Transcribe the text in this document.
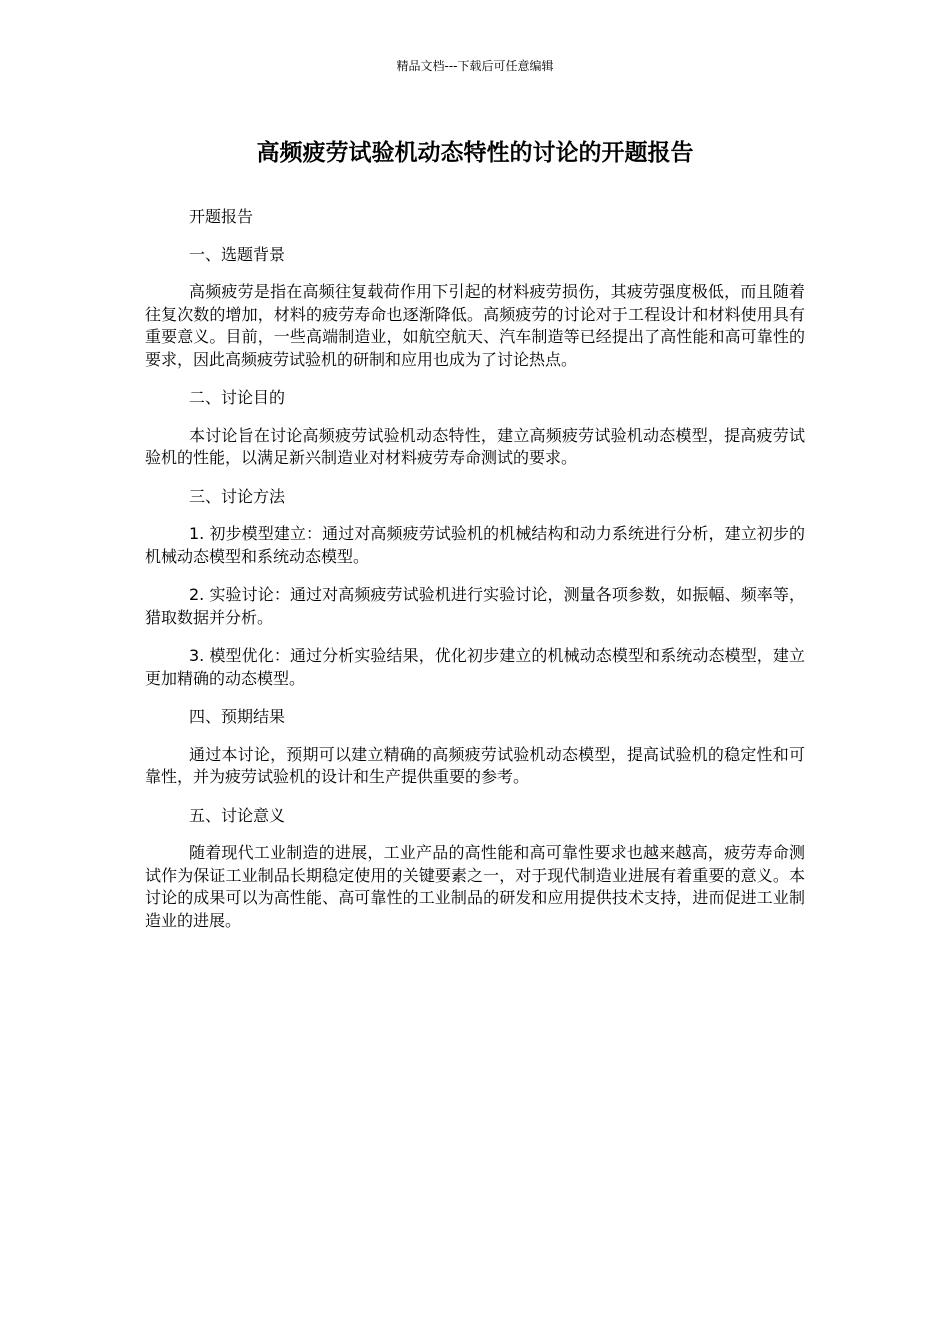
精品文档---下载后可任意编辑
高频疲劳试验机动态特性的讨论的开题报告

开题报告

一、选题背景

高频疲劳是指在高频往复载荷作用下引起的材料疲劳损伤，其疲劳强度极低，而且随着往复次数的增加，材料的疲劳寿命也逐渐降低。高频疲劳的讨论对于工程设计和材料使用具有重要意义。目前，一些高端制造业，如航空航天、汽车制造等已经提出了高性能和高可靠性的要求，因此高频疲劳试验机的研制和应用也成为了讨论热点。

二、讨论目的

本讨论旨在讨论高频疲劳试验机动态特性，建立高频疲劳试验机动态模型，提高疲劳试验机的性能，以满足新兴制造业对材料疲劳寿命测试的要求。

三、讨论方法

1. 初步模型建立：通过对高频疲劳试验机的机械结构和动力系统进行分析，建立初步的机械动态模型和系统动态模型。

2. 实验讨论：通过对高频疲劳试验机进行实验讨论，测量各项参数，如振幅、频率等，猎取数据并分析。

3. 模型优化：通过分析实验结果，优化初步建立的机械动态模型和系统动态模型，建立更加精确的动态模型。

四、预期结果

通过本讨论，预期可以建立精确的高频疲劳试验机动态模型，提高试验机的稳定性和可靠性，并为疲劳试验机的设计和生产提供重要的参考。

五、讨论意义

随着现代工业制造的进展，工业产品的高性能和高可靠性要求也越来越高，疲劳寿命测试作为保证工业制品长期稳定使用的关键要素之一，对于现代制造业进展有着重要的意义。本讨论的成果可以为高性能、高可靠性的工业制品的研发和应用提供技术支持，进而促进工业制造业的进展。
